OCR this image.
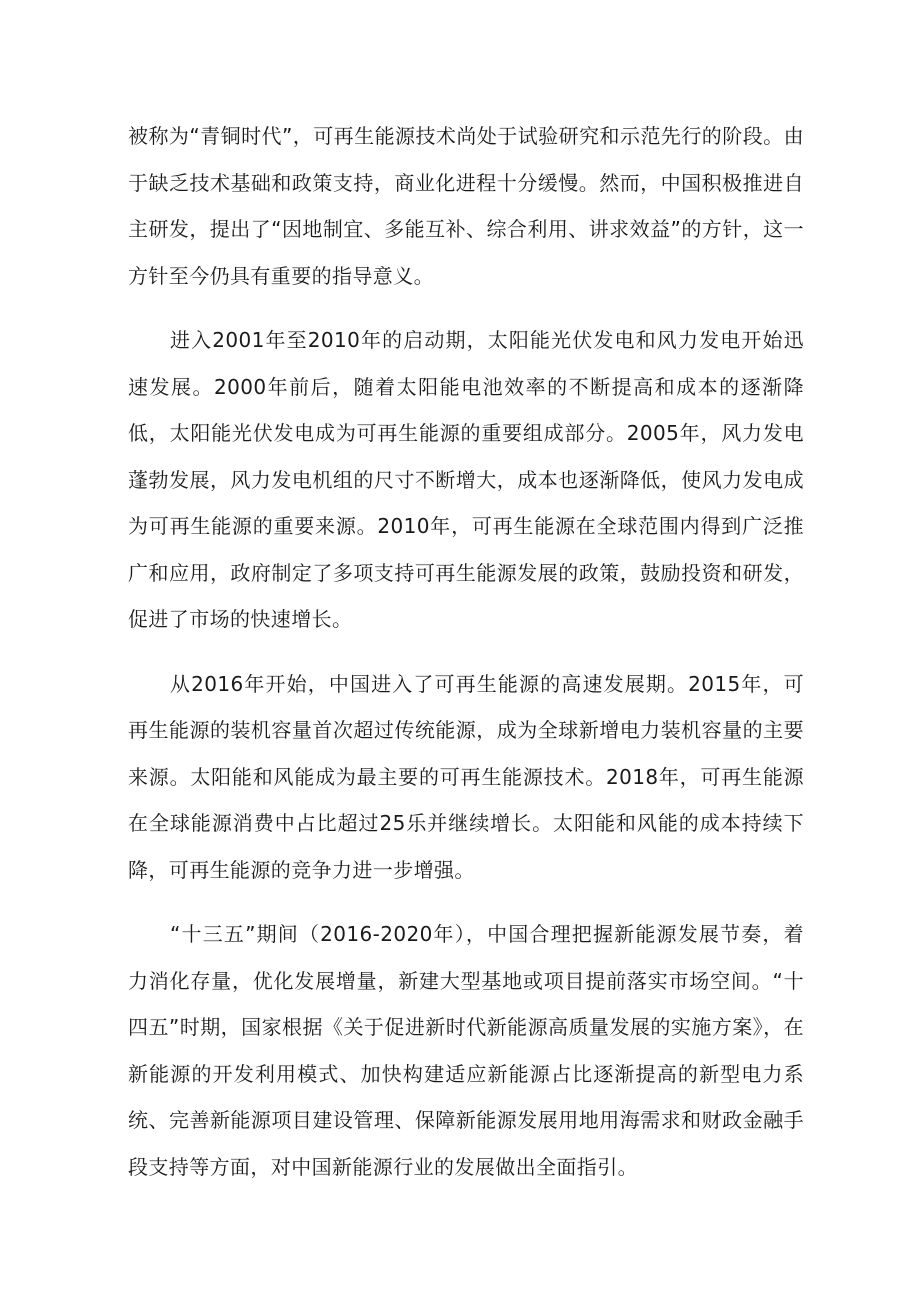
被称为“青铜时代”，可再生能源技术尚处于试验研究和示范先行的阶段。由于缺乏技术基础和政策支持，商业化进程十分缓慢。然而，中国积极推进自主研发，提出了“因地制宜、多能互补、综合利用、讲求效益”的方针，这一方针至今仍具有重要的指导意义。

进入2001年至2010年的启动期，太阳能光伏发电和风力发电开始迅速发展。2000年前后，随着太阳能电池效率的不断提高和成本的逐渐降低，太阳能光伏发电成为可再生能源的重要组成部分。2005年，风力发电蓬勃发展，风力发电机组的尺寸不断增大，成本也逐渐降低，使风力发电成为可再生能源的重要来源。2010年，可再生能源在全球范围内得到广泛推广和应用，政府制定了多项支持可再生能源发展的政策，鼓励投资和研发，促进了市场的快速增长。

从2016年开始，中国进入了可再生能源的高速发展期。2015年，可再生能源的装机容量首次超过传统能源，成为全球新增电力装机容量的主要来源。太阳能和风能成为最主要的可再生能源技术。2018年，可再生能源在全球能源消费中占比超过25乐并继续增长。太阳能和风能的成本持续下降，可再生能源的竞争力进一步增强。

“十三五”期间（2016-2020年），中国合理把握新能源发展节奏，着力消化存量，优化发展增量，新建大型基地或项目提前落实市场空间。“十四五”时期，国家根据《关于促进新时代新能源高质量发展的实施方案》，在新能源的开发利用模式、加快构建适应新能源占比逐渐提高的新型电力系统、完善新能源项目建设管理、保障新能源发展用地用海需求和财政金融手段支持等方面，对中国新能源行业的发展做出全面指引。
